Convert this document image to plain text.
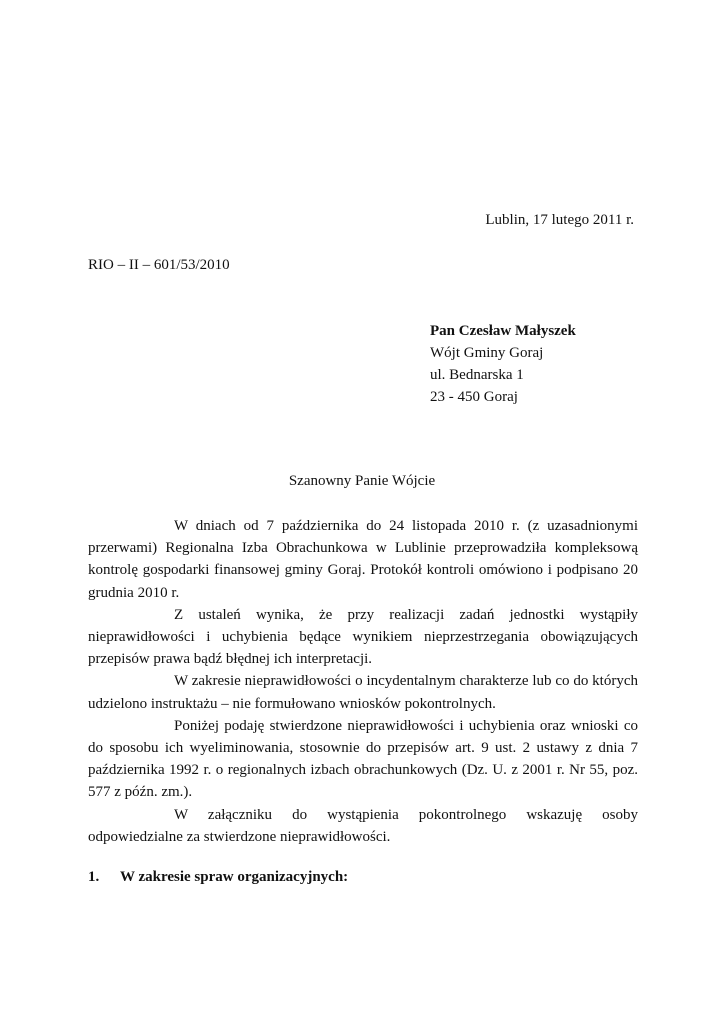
Lublin, 17 lutego 2011 r.
RIO – II – 601/53/2010
Pan Czesław Małyszek
Wójt Gminy Goraj
ul. Bednarska 1
23 - 450 Goraj
Szanowny Panie Wójcie

W dniach od 7 października do 24 listopada 2010 r. (z uzasadnionymi przerwami) Regionalna Izba Obrachunkowa w Lublinie przeprowadziła kompleksową kontrolę gospodarki finansowej gminy Goraj. Protokół kontroli omówiono i podpisano 20 grudnia 2010 r.

Z ustaleń wynika, że przy realizacji zadań jednostki wystąpiły nieprawidłowości i uchybienia będące wynikiem nieprzestrzegania obowiązujących przepisów prawa bądź błędnej ich interpretacji.

W zakresie nieprawidłowości o incydentalnym charakterze lub co do których udzielono instruktażu – nie formułowano wniosków pokontrolnych.

Poniżej podaję stwierdzone nieprawidłowości i uchybienia oraz wnioski co do sposobu ich wyeliminowania, stosownie do przepisów art. 9 ust. 2 ustawy z dnia 7 października 1992 r. o regionalnych izbach obrachunkowych (Dz. U. z 2001 r. Nr 55, poz. 577 z późn. zm.).

W załączniku do wystąpienia pokontrolnego wskazuję osoby odpowiedzialne za stwierdzone nieprawidłowości.

1. W zakresie spraw organizacyjnych:
